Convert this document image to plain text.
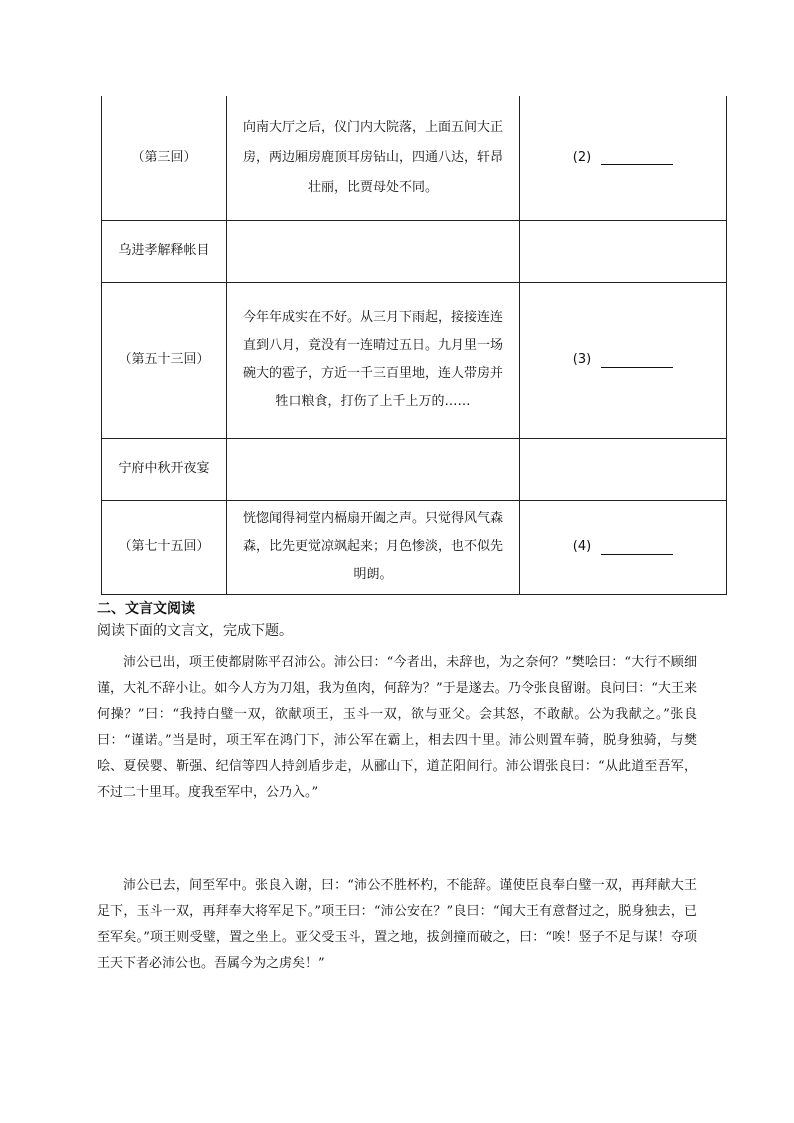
（第三回）	向南大厅之后，仪门内大院落，上面五间大正房，两边厢房鹿顶耳房钻山，四通八达，轩昂壮丽，比贾母处不同。	(2)

乌进孝解释帐目		
（第五十三回）	今年年成实在不好。从三月下雨起，接接连连直到八月，竟没有一连晴过五日。九月里一场碗大的雹子，方近一千三百里地，连人带房并牲口粮食，打伤了上千上万的……	(3)

宁府中秋开夜宴		
（第七十五回）	恍惚闻得祠堂内槅扇开阖之声。只觉得风气森森，比先更觉凉飒起来；月色惨淡，也不似先明朗。	(4)
二、文言文阅读
阅读下面的文言文，完成下题。
沛公已出，项王使都尉陈平召沛公。沛公曰：“今者出，未辞也，为之奈何？”樊哙曰：“大行不顾细谨，大礼不辞小让。如今人方为刀俎，我为鱼肉，何辞为？”于是遂去。乃令张良留谢。良问曰：“大王来何操？”曰：“我持白璧一双，欲献项王，玉斗一双，欲与亚父。会其怒，不敢献。公为我献之。”张良曰：“谨诺。”当是时，项王军在鸿门下，沛公军在霸上，相去四十里。沛公则置车骑，脱身独骑，与樊哙、夏侯婴、靳强、纪信等四人持剑盾步走，从郦山下，道芷阳间行。沛公谓张良曰：“从此道至吾军，不过二十里耳。度我至军中，公乃入。”
沛公已去，间至军中。张良入谢，曰：“沛公不胜杯杓，不能辞。谨使臣良奉白璧一双，再拜献大王足下，玉斗一双，再拜奉大将军足下。”项王曰：“沛公安在？”良曰：“闻大王有意督过之，脱身独去，已至军矣。”项王则受璧，置之坐上。亚父受玉斗，置之地，拔剑撞而破之，曰：“唉！竖子不足与谋！夺项王天下者必沛公也。吾属今为之虏矣！”
